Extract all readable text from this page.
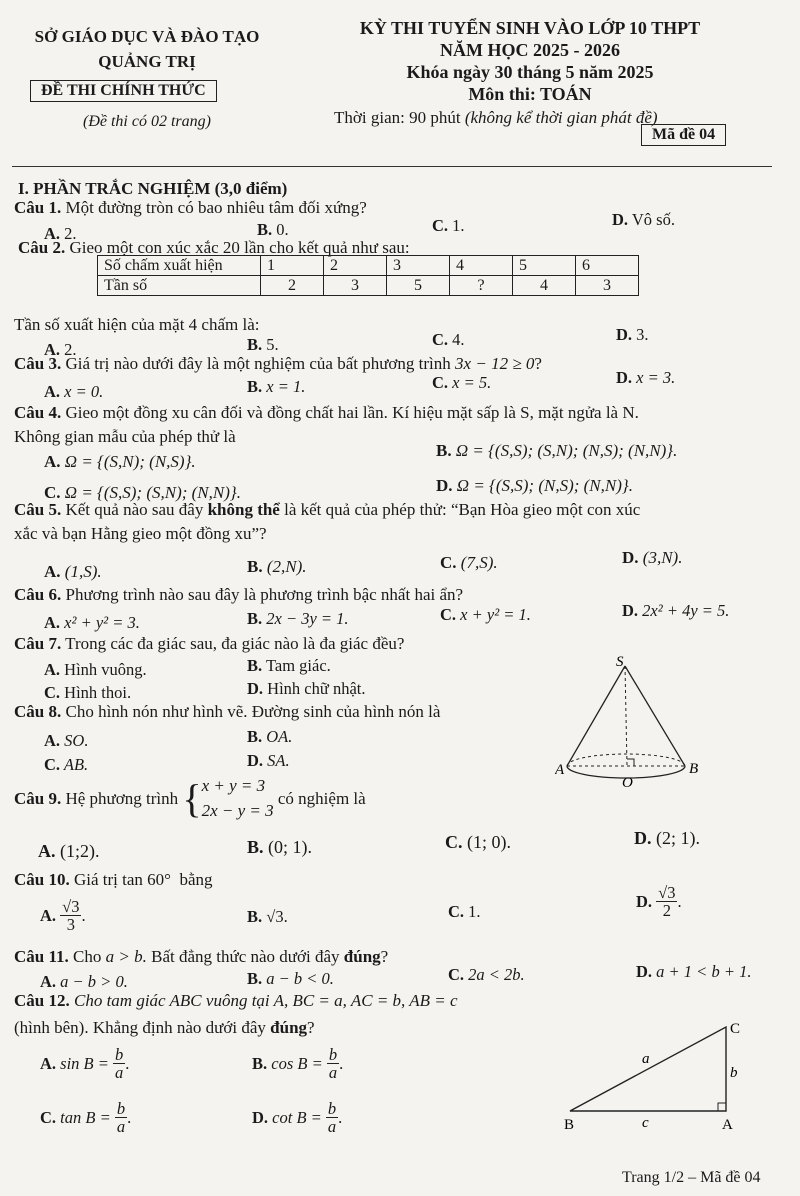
SỞ GIÁO DỤC VÀ ĐÀO TẠO
QUẢNG TRỊ
ĐỀ THI CHÍNH THỨC
(Đề thi có 02 trang)
KỲ THI TUYỂN SINH VÀO LỚP 10 THPT
NĂM HỌC 2025 - 2026
Khóa ngày 30 tháng 5 năm 2025
Môn thi: TOÁN
Thời gian: 90 phút (không kể thời gian phát đề)
Mã đề 04
I. PHẦN TRẮC NGHIỆM (3,0 điểm)
Câu 1. Một đường tròn có bao nhiêu tâm đối xứng?
A. 2.	B. 0.	C. 1.	D. Vô số.
Câu 2. Gieo một con xúc xắc 20 lần cho kết quả như sau:
Số chấm xuất hiện	1	2	3	4	5	6
Tần số	2	3	5	?	4	3
Tần số xuất hiện của mặt 4 chấm là:
A. 2.	B. 5.	C. 4.	D. 3.
Câu 3. Giá trị nào dưới đây là một nghiệm của bất phương trình 3x − 12 ≥ 0?
A. x = 0.	B. x = 1.	C. x = 5.	D. x = 3.
Câu 4. Gieo một đồng xu cân đối và đồng chất hai lần. Kí hiệu mặt sấp là S, mặt ngửa là N.
Không gian mẫu của phép thử là
A. Ω = {(S,N); (N,S)}.
B. Ω = {(S,S); (S,N); (N,S); (N,N)}.
C. Ω = {(S,S); (S,N); (N,N)}.	D. Ω = {(S,S); (N,S); (N,N)}.
Câu 5. Kết quả nào sau đây không thể là kết quả của phép thử: “Bạn Hòa gieo một con xúc
xắc và bạn Hằng gieo một đồng xu”?
A. (1,S).	B. (2,N).	C. (7,S).	D. (3,N).
Câu 6. Phương trình nào sau đây là phương trình bậc nhất hai ẩn?
A. x² + y² = 3.	B. 2x − 3y = 1.	C. x + y² = 1.	D. 2x² + 4y = 5.
Câu 7. Trong các đa giác sau, đa giác nào là đa giác đều?
A. Hình vuông.	B. Tam giác.
C. Hình thoi.	D. Hình chữ nhật.
Câu 8. Cho hình nón như hình vẽ. Đường sinh của hình nón là
A. SO.	B. OA.
C. AB.	D. SA.
S
A	B
O
Câu 9. Hệ phương trình { x + y = 3
2x − y = 3
có nghiệm là
A. (1;2).	B. (0; 1).	C. (1; 0).	D. (2; 1).
Câu 10. Giá trị tan 60°  bằng
A.
$\frac{√3}{3}$ .	B. √3.	C. 1.
D.
$\frac{√3}{2}$ .
Câu 11. Cho a > b. Bất đẳng thức nào dưới đây đúng?
A. a − b > 0.	B. a − b < 0.	C. 2a < 2b.	D. a + 1 < b + 1.
Câu 12. Cho tam giác ABC vuông tại A, BC = a, AC = b, AB = c
(hình bên). Khẳng định nào dưới đây đúng?
A.
sin B =
$\frac{b}{a}$ .	B.
cos B =
$\frac{b}{a}$ .
C.
tan B =
$\frac{b}{a}$ .	D.
cot B =
$\frac{b}{a}$ .
C
B	A
a
b
c
Trang 1/2 – Mã đề 04
